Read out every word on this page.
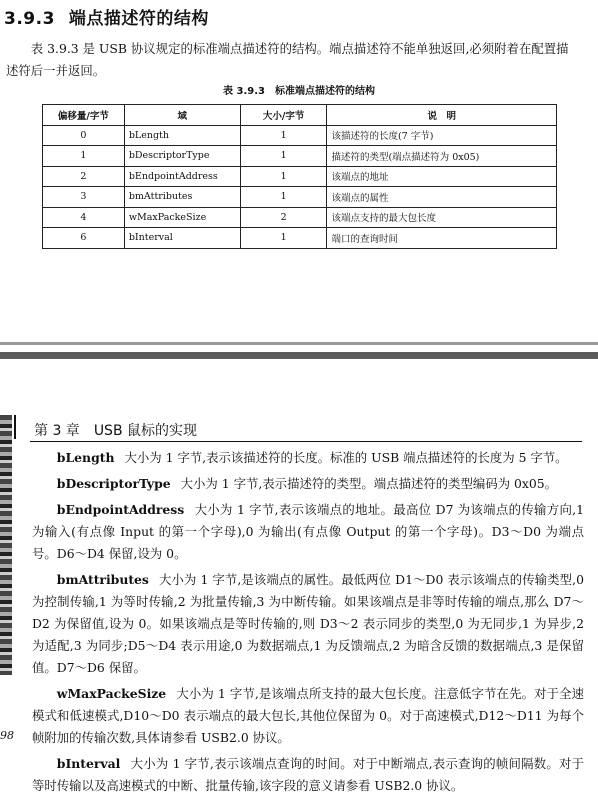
3.9.3 端点描述符的结构

表 3.9.3 是 USB 协议规定的标准端点描述符的结构。端点描述符不能单独返回,必须附着在配置描述符后一并返回。

表 3.9.3　标准端点描述符的结构
偏移量/字节	域	大小/字节	说　明
0	bLength	1	该描述符的长度(7 字节)
1	bDescriptorType	1	描述符的类型(端点描述符为 0x05)
2	bEndpointAddress	1	该端点的地址
3	bmAttributes	1	该端点的属性
4	wMaxPackeSize	2	该端点支持的最大包长度
6	bInterval	1	端口的查询时间
第 3 章 USB 鼠标的实现
98

bLength 大小为 1 字节,表示该描述符的长度。标准的 USB 端点描述符的长度为 5 字节。

bDescriptorType 大小为 1 字节,表示描述符的类型。端点描述符的类型编码为 0x05。

bEndpointAddress 大小为 1 字节,表示该端点的地址。最高位 D7 为该端点的传输方向,1 为输入(有点像 Input 的第一个字母),0 为输出(有点像 Output 的第一个字母)。D3～D0 为端点号。D6～D4 保留,设为 0。

bmAttributes 大小为 1 字节,是该端点的属性。最低两位 D1～D0 表示该端点的传输类型,0 为控制传输,1 为等时传输,2 为批量传输,3 为中断传输。如果该端点是非等时传输的端点,那么 D7～D2 为保留值,设为 0。如果该端点是等时传输的,则 D3～2 表示同步的类型,0 为无同步,1 为异步,2 为适配,3 为同步;D5～D4 表示用途,0 为数据端点,1 为反馈端点,2 为暗含反馈的数据端点,3 是保留值。D7～D6 保留。

wMaxPackeSize 大小为 1 字节,是该端点所支持的最大包长度。注意低字节在先。对于全速模式和低速模式,D10～D0 表示端点的最大包长,其他位保留为 0。对于高速模式,D12～D11 为每个帧附加的传输次数,具体请参看 USB2.0 协议。

bInterval 大小为 1 字节,表示该端点查询的时间。对于中断端点,表示查询的帧间隔数。对于等时传输以及高速模式的中断、批量传输,该字段的意义请参看 USB2.0 协议。
